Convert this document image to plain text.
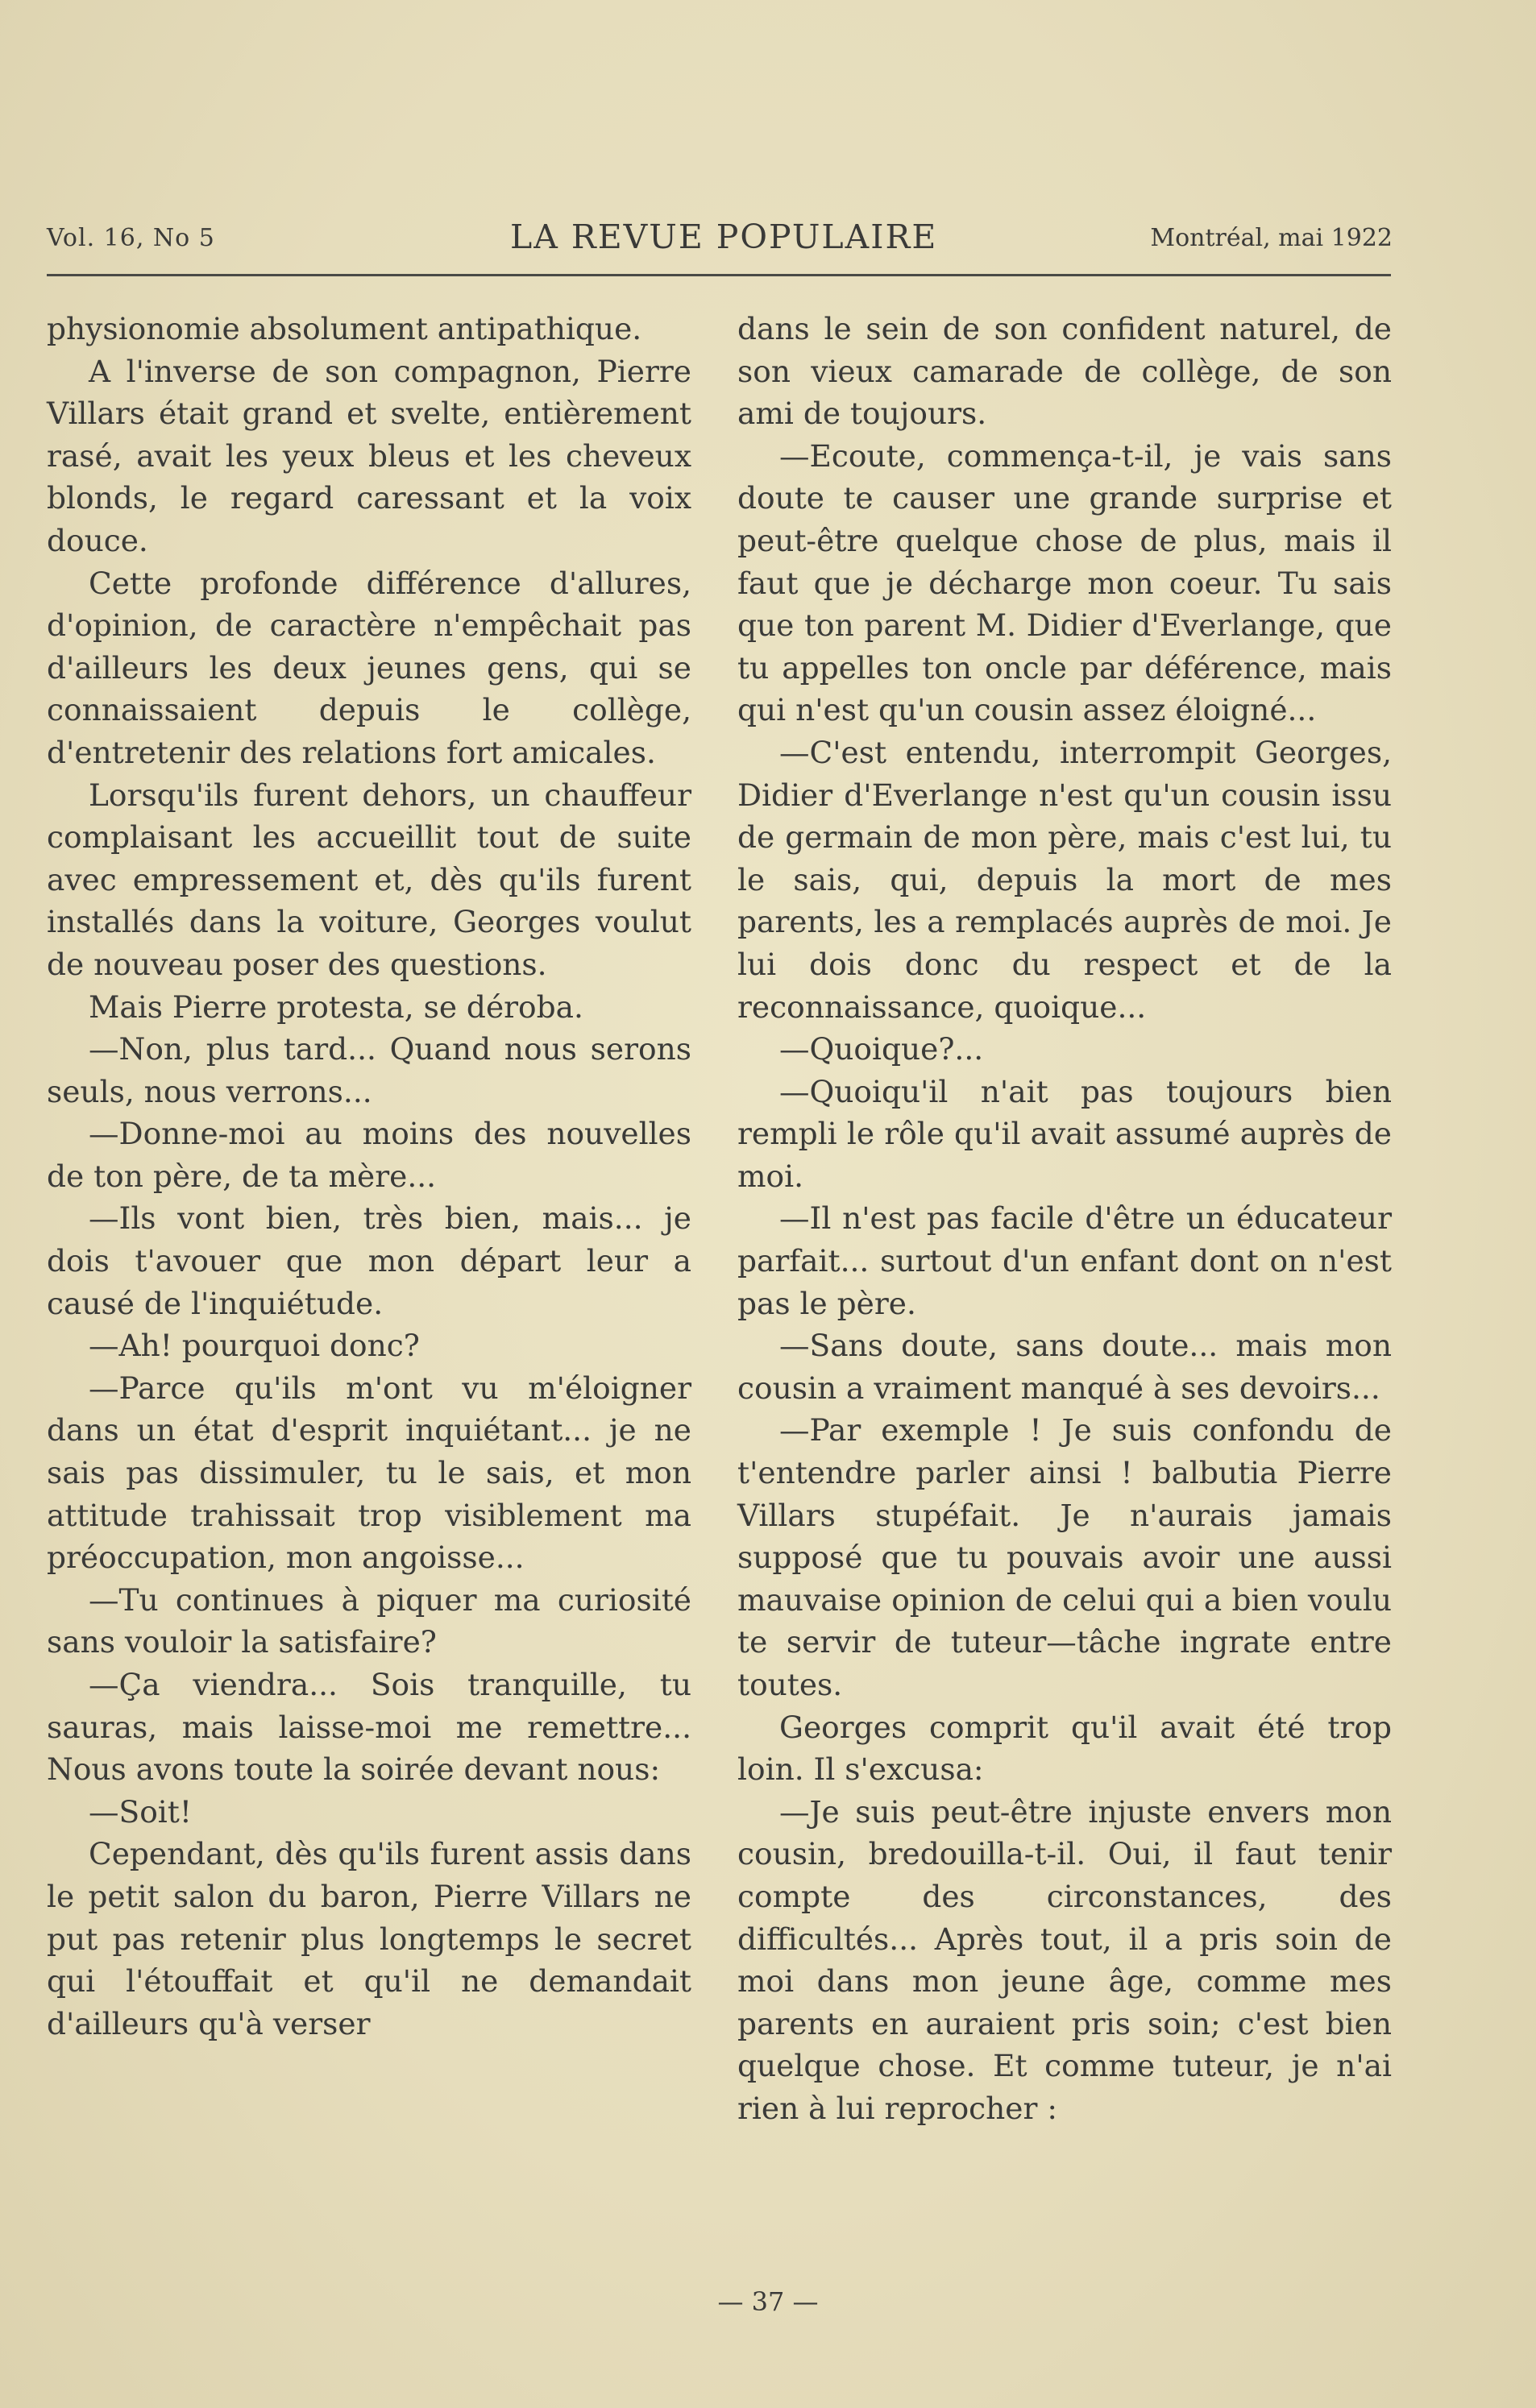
Vol. 16, No 5	LA REVUE POPULAIRE	Montréal, mai 1922

physionomie absolument antipathique.

A l'inverse de son compagnon, Pierre Villars était grand et svelte, entièrement rasé, avait les yeux bleus et les cheveux blonds, le regard caressant et la voix douce.

Cette profonde différence d'allures, d'opinion, de caractère n'empêchait pas d'ailleurs les deux jeunes gens, qui se connaissaient depuis le collège, d'entretenir des relations fort amicales.

Lorsqu'ils furent dehors, un chauffeur complaisant les accueillit tout de suite avec empressement et, dès qu'ils furent installés dans la voiture, Georges voulut de nouveau poser des questions.

Mais Pierre protesta, se déroba.

—Non, plus tard... Quand nous serons seuls, nous verrons...

—Donne-moi au moins des nouvelles de ton père, de ta mère...

—Ils vont bien, très bien, mais... je dois t'avouer que mon départ leur a causé de l'inquiétude.

—Ah! pourquoi donc?

—Parce qu'ils m'ont vu m'éloigner dans un état d'esprit inquiétant... je ne sais pas dissimuler, tu le sais, et mon attitude trahissait trop visiblement ma préoccupation, mon angoisse...

—Tu continues à piquer ma curiosité sans vouloir la satisfaire?

—Ça viendra... Sois tranquille, tu sauras, mais laisse-moi me remettre... Nous avons toute la soirée devant nous:

—Soit!

Cependant, dès qu'ils furent assis dans le petit salon du baron, Pierre Villars ne put pas retenir plus longtemps le secret qui l'étouffait et qu'il ne demandait d'ailleurs qu'à verser

dans le sein de son confident naturel, de son vieux camarade de collège, de son ami de toujours.

—Ecoute, commença-t-il, je vais sans doute te causer une grande surprise et peut-être quelque chose de plus, mais il faut que je décharge mon coeur. Tu sais que ton parent M. Didier d'Everlange, que tu appelles ton oncle par déférence, mais qui n'est qu'un cousin assez éloigné...

—C'est entendu, interrompit Georges, Didier d'Everlange n'est qu'un cousin issu de germain de mon père, mais c'est lui, tu le sais, qui, depuis la mort de mes parents, les a remplacés auprès de moi. Je lui dois donc du respect et de la reconnaissance, quoique...

—Quoique?...

—Quoiqu'il n'ait pas toujours bien rempli le rôle qu'il avait assumé auprès de moi.

—Il n'est pas facile d'être un éducateur parfait... surtout d'un enfant dont on n'est pas le père.

—Sans doute, sans doute... mais mon cousin a vraiment manqué à ses devoirs...

—Par exemple ! Je suis confondu de t'entendre parler ainsi ! balbutia Pierre Villars stupéfait. Je n'aurais jamais supposé que tu pouvais avoir une aussi mauvaise opinion de celui qui a bien voulu te servir de tuteur—tâche ingrate entre toutes.

Georges comprit qu'il avait été trop loin. Il s'excusa:

—Je suis peut-être injuste envers mon cousin, bredouilla-t-il. Oui, il faut tenir compte des circonstances, des difficultés... Après tout, il a pris soin de moi dans mon jeune âge, comme mes parents en auraient pris soin; c'est bien quelque chose. Et comme tuteur, je n'ai rien à lui reprocher :

— 37 —
